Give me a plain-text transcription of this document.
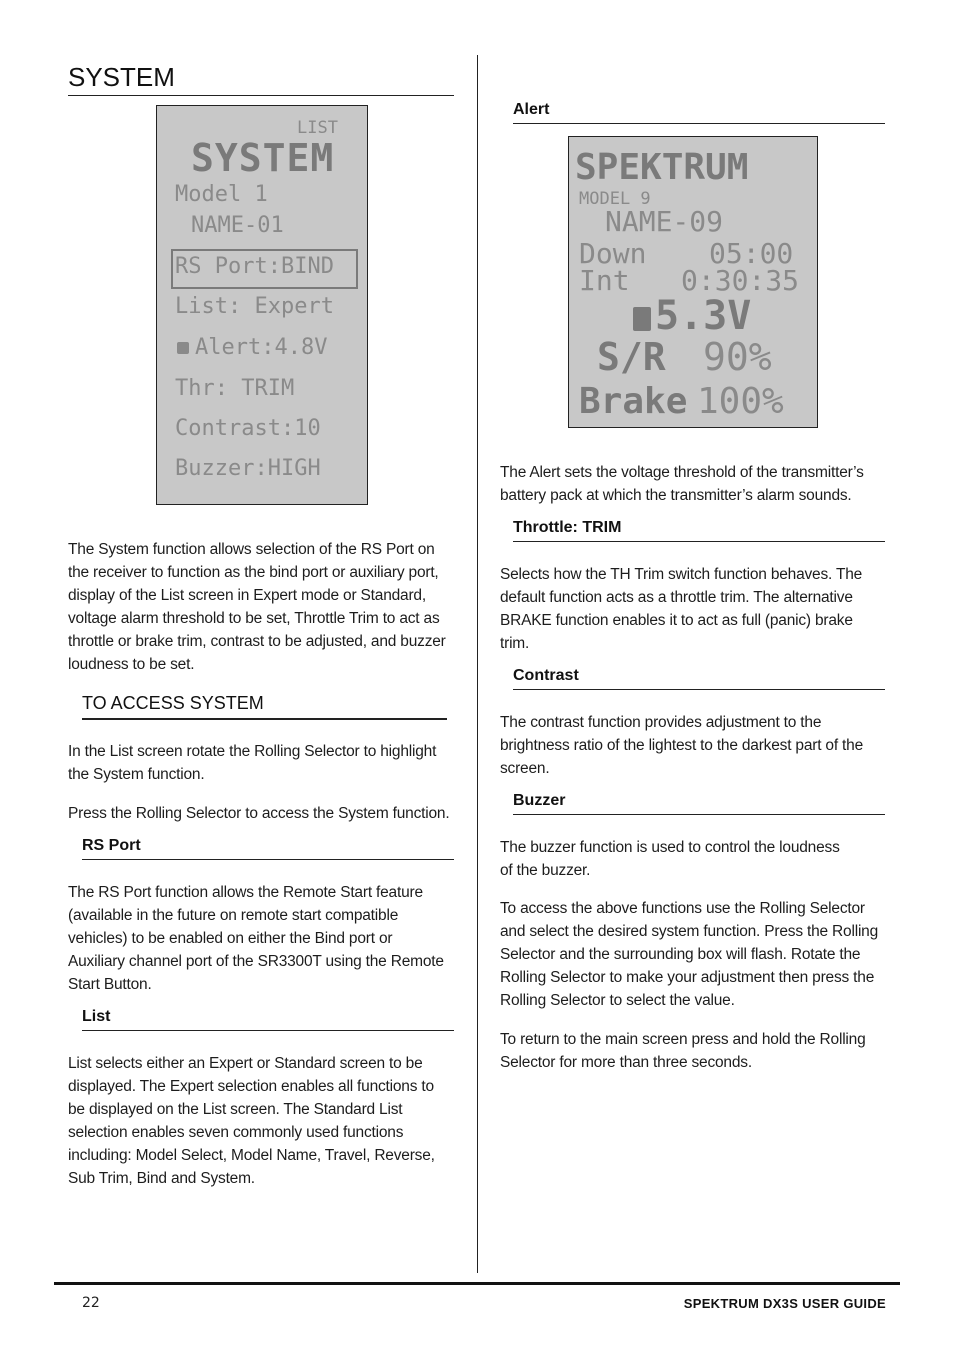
SYSTEM
LIST
SYSTEM
Model 1
NAME-01
RS Port:BIND
List: Expert
Alert:4.8V
Thr: TRIM
Contrast:10
Buzzer:HIGH
The System function allows selection of the RS Port on the receiver to function as the bind port or auxiliary port, display of the List screen in Expert mode or Standard, voltage alarm threshold to be set, Throttle Trim to act as throttle or brake trim, contrast to be adjusted, and buzzer loudness to be set.
TO ACCESS SYSTEM
In the List screen rotate the Rolling Selector to highlight the System function.
Press the Rolling Selector to access the System function.
RS Port
The RS Port function allows the Remote Start feature (available in the future on remote start compatible vehicles) to be enabled on either the Bind port or Auxiliary channel port of the SR3300T using the Remote Start Button.
List
List selects either an Expert or Standard screen to be displayed. The Expert selection enables all functions to be displayed on the List screen. The Standard List selection enables seven commonly used functions including: Model Select, Model Name, Travel, Reverse, Sub Trim, Bind and System.
Alert
SPEKTRUM
MODEL 9
NAME-09
Down 05:00
Int 0:30:35
5.3V
S/R 90%
Brake 100%
The Alert sets the voltage threshold of the transmitter’s battery pack at which the transmitter’s alarm sounds.
Throttle: TRIM
Selects how the TH Trim switch function behaves. The default function acts as a throttle trim. The alternative BRAKE function enables it to act as full (panic) brake trim.
Contrast
The contrast function provides adjustment to the brightness ratio of the lightest to the darkest part of the screen.
Buzzer
The buzzer function is used to control the loudness of the buzzer.
To access the above functions use the Rolling Selector and select the desired system function. Press the Rolling Selector and the surrounding box will flash. Rotate the Rolling Selector to make your adjustment then press the Rolling Selector to select the value.
To return to the main screen press and hold the Rolling Selector for more than three seconds.
22	SPEKTRUM DX3S USER GUIDE
